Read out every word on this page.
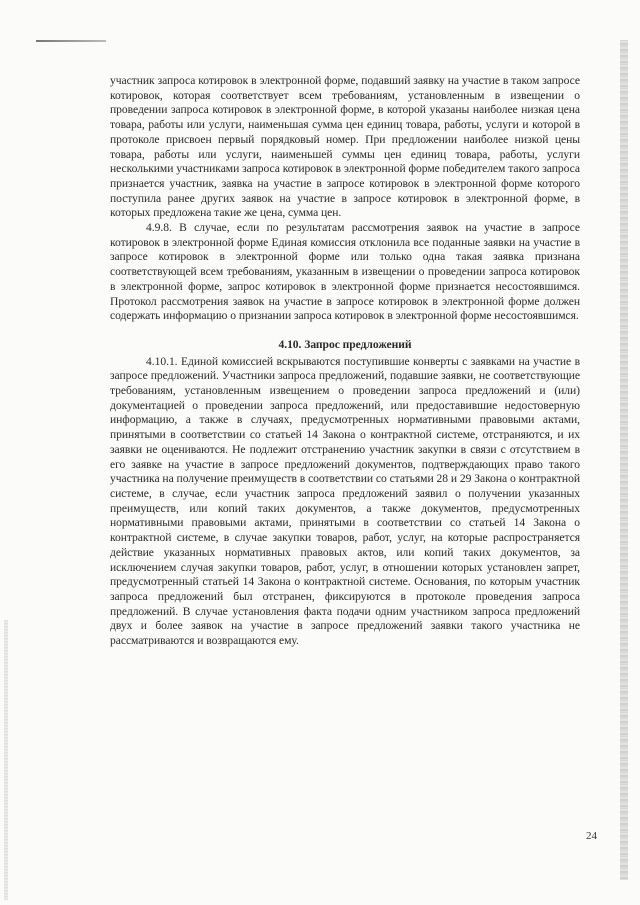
участник запроса котировок в электронной форме, подавший заявку на участие в таком запросе котировок, которая соответствует всем требованиям, установленным в извещении о проведении запроса котировок в электронной форме, в которой указаны наиболее низкая цена товара, работы или услуги, наименьшая сумма цен единиц товара, работы, услуги и которой в протоколе присвоен первый порядковый номер. При предложении наиболее низкой цены товара, работы или услуги, наименьшей суммы цен единиц товара, работы, услуги несколькими участниками запроса котировок в электронной форме победителем такого запроса признается участник, заявка на участие в запросе котировок в электронной форме которого поступила ранее других заявок на участие в запросе котировок в электронной форме, в которых предложена такие же цена, сумма цен.

4.9.8. В случае, если по результатам рассмотрения заявок на участие в запросе котировок в электронной форме Единая комиссия отклонила все поданные заявки на участие в запросе котировок в электронной форме или только одна такая заявка признана соответствующей всем требованиям, указанным в извещении о проведении запроса котировок в электронной форме, запрос котировок в электронной форме признается несостоявшимся. Протокол рассмотрения заявок на участие в запросе котировок в электронной форме должен содержать информацию о признании запроса котировок в электронной форме несостоявшимся.

4.10. Запрос предложений

4.10.1. Единой комиссией вскрываются поступившие конверты с заявками на участие в запросе предложений. Участники запроса предложений, подавшие заявки, не соответствующие требованиям, установленным извещением о проведении запроса предложений и (или) документацией о проведении запроса предложений, или предоставившие недостоверную информацию, а также в случаях, предусмотренных нормативными правовыми актами, принятыми в соответствии со статьей 14 Закона о контрактной системе, отстраняются, и их заявки не оцениваются. Не подлежит отстранению участник закупки в связи с отсутствием в его заявке на участие в запросе предложений документов, подтверждающих право такого участника на получение преимуществ в соответствии со статьями 28 и 29 Закона о контрактной системе, в случае, если участник запроса предложений заявил о получении указанных преимуществ, или копий таких документов, а также документов, предусмотренных нормативными правовыми актами, принятыми в соответствии со статьей 14 Закона о контрактной системе, в случае закупки товаров, работ, услуг, на которые распространяется действие указанных нормативных правовых актов, или копий таких документов, за исключением случая закупки товаров, работ, услуг, в отношении которых установлен запрет, предусмотренный статьей 14 Закона о контрактной системе. Основания, по которым участник запроса предложений был отстранен, фиксируются в протоколе проведения запроса предложений. В случае установления факта подачи одним участником запроса предложений двух и более заявок на участие в запросе предложений заявки такого участника не рассматриваются и возвращаются ему.

24
